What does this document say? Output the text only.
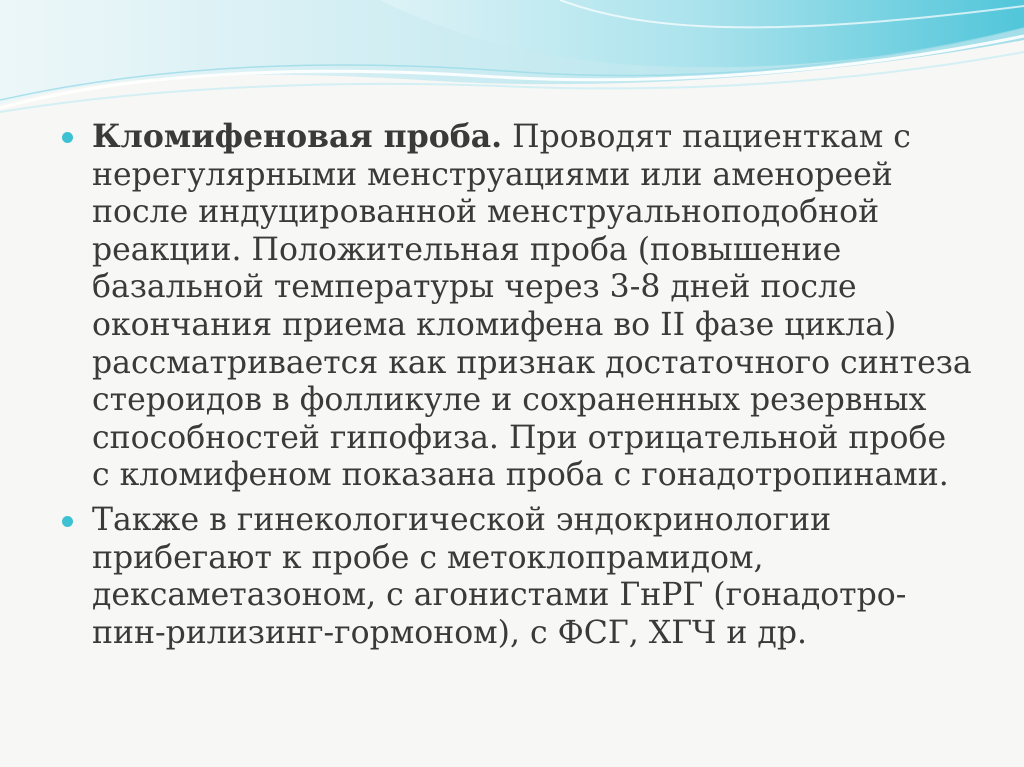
Кломифеновая проба. Проводят пациенткам с
нерегулярными менструациями или аменореей
после индуцированной менструальноподобной
реакции. Положительная проба (повышение
базальной температуры через 3-8 дней после
окончания приема кломифена во II фазе цикла)
рассматривается как признак достаточного синтеза
стероидов в фолликуле и сохраненных резервных
способностей гипофиза. При отрицательной пробе
с кломифеном показана проба с гонадотропинами.
Также в гинекологической эндокринологии
прибегают к пробе с метоклопрамидом,
дексаметазоном, с агонистами ГнРГ (гонадотро-
пин-рилизинг-гормоном), с ФСГ, ХГЧ и др.
